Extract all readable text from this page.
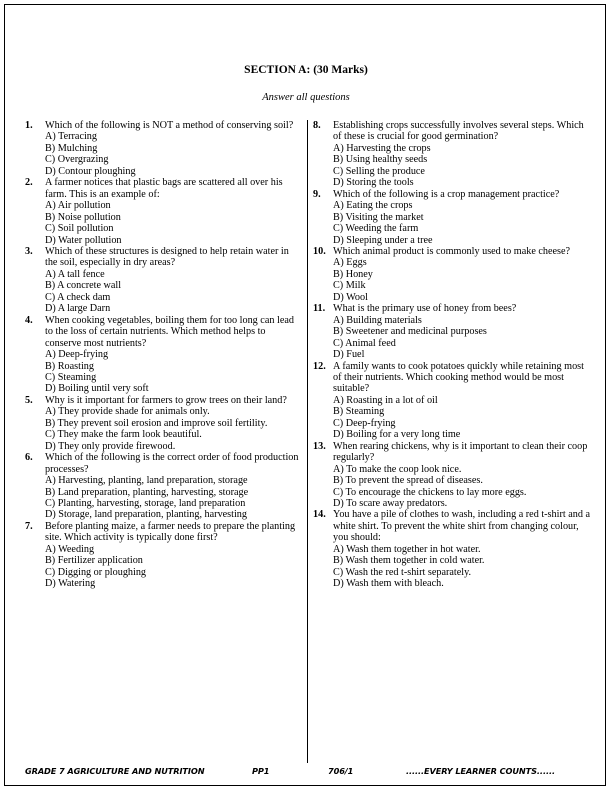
SECTION A: (30 Marks)
Answer all questions
1. Which of the following is NOT a method of conserving soil?
A) Terracing
B) Mulching
C) Overgrazing
D) Contour ploughing
2. A farmer notices that plastic bags are scattered all over his farm. This is an example of:
A) Air pollution
B) Noise pollution
C) Soil pollution
D) Water pollution
3. Which of these structures is designed to help retain water in the soil, especially in dry areas?
A) A tall fence
B) A concrete wall
C) A check dam
D) A large Darn
4. When cooking vegetables, boiling them for too long can lead to the loss of certain nutrients. Which method helps to conserve most nutrients?
A) Deep-frying
B) Roasting
C) Steaming
D) Boiling until very soft
5. Why is it important for farmers to grow trees on their land?
A) They provide shade for animals only.
B) They prevent soil erosion and improve soil fertility.
C) They make the farm look beautiful.
D) They only provide firewood.
6. Which of the following is the correct order of food production processes?
A) Harvesting, planting, land preparation, storage
B) Land preparation, planting, harvesting, storage
C) Planting, harvesting, storage, land preparation
D) Storage, land preparation, planting, harvesting
7. Before planting maize, a farmer needs to prepare the planting site. Which activity is typically done first?
A) Weeding
B) Fertilizer application
C) Digging or ploughing
D) Watering
8. Establishing crops successfully involves several steps. Which of these is crucial for good germination?
A) Harvesting the crops
B) Using healthy seeds
C) Selling the produce
D) Storing the tools
9. Which of the following is a crop management practice?
A) Eating the crops
B) Visiting the market
C) Weeding the farm
D) Sleeping under a tree
10. Which animal product is commonly used to make cheese?
A) Eggs
B) Honey
C) Milk
D) Wool
11. What is the primary use of honey from bees?
A) Building materials
B) Sweetener and medicinal purposes
C) Animal feed
D) Fuel
12. A family wants to cook potatoes quickly while retaining most of their nutrients. Which cooking method would be most suitable?
A) Roasting in a lot of oil
B) Steaming
C) Deep-frying
D) Boiling for a very long time
13. When rearing chickens, why is it important to clean their coop regularly?
A) To make the coop look nice.
B) To prevent the spread of diseases.
C) To encourage the chickens to lay more eggs.
D) To scare away predators.
14. You have a pile of clothes to wash, including a red t-shirt and a white shirt. To prevent the white shirt from changing colour, you should:
A) Wash them together in hot water.
B) Wash them together in cold water.
C) Wash the red t-shirt separately.
D) Wash them with bleach.
GRADE 7 AGRICULTURE AND NUTRITION	PP1	706/1	......EVERY LEARNER COUNTS......
